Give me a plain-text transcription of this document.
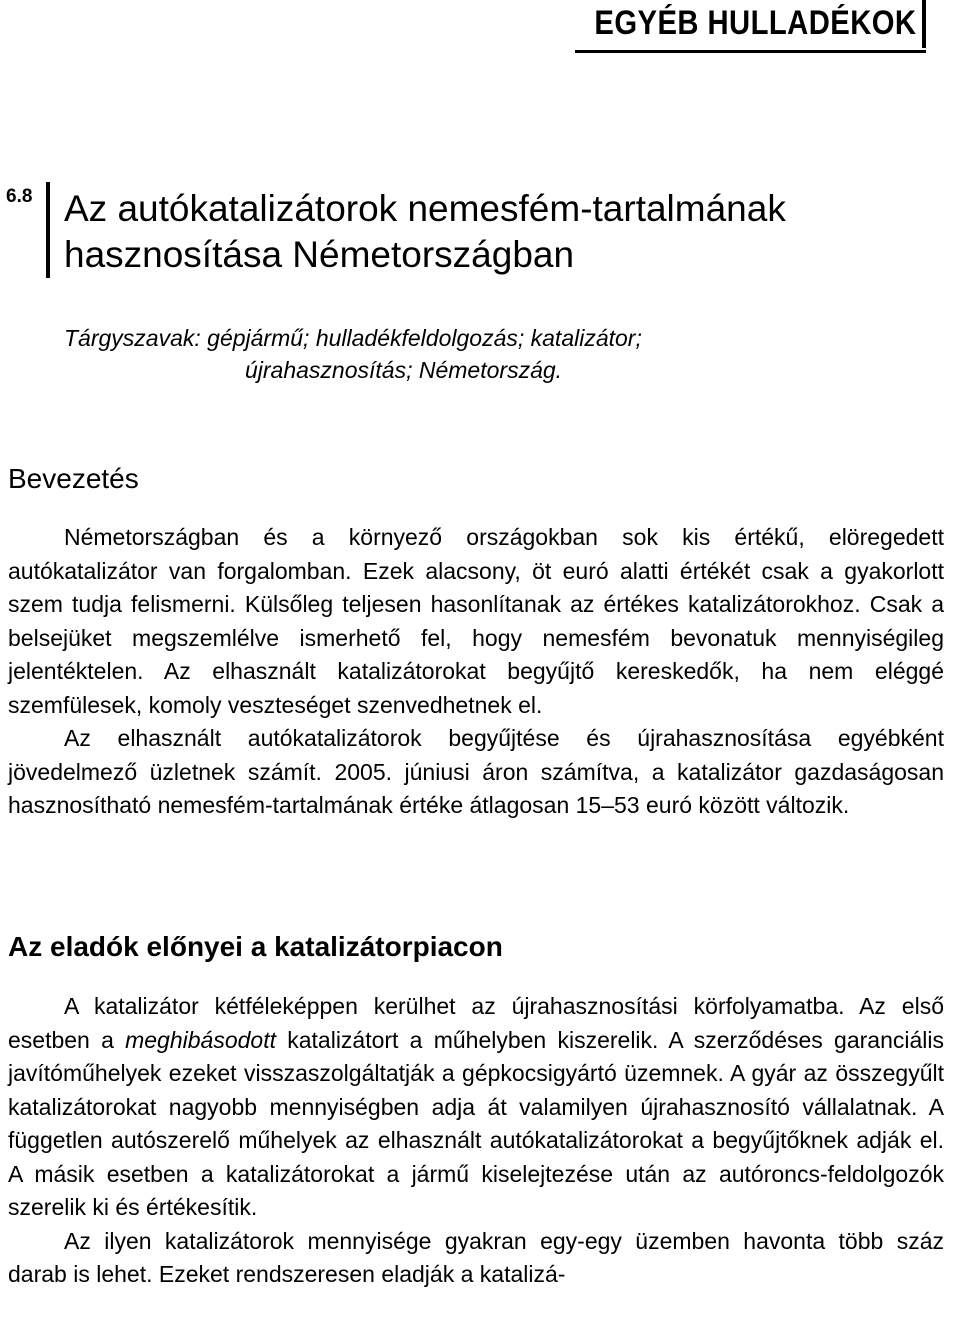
EGYÉB HULLADÉKOK
6.8 Az autókatalizátorok nemesfém-tartalmának hasznosítása Németországban
Tárgyszavak: gépjármű; hulladékfeldolgozás; katalizátor;
újrahasznosítás; Németország.
Bevezetés

Németországban és a környező országokban sok kis értékű, elöregedett autókatalizátor van forgalomban. Ezek alacsony, öt euró alatti értékét csak a gyakorlott szem tudja felismerni. Külsőleg teljesen hasonlítanak az értékes katalizátorokhoz. Csak a belsejüket megszemlélve ismerhető fel, hogy nemesfém bevonatuk mennyiségileg jelentéktelen. Az elhasznált katalizátorokat begyűjtő kereskedők, ha nem eléggé szemfülesek, komoly veszteséget szenvedhetnek el.

Az elhasznált autókatalizátorok begyűjtése és újrahasznosítása egyébként jövedelmező üzletnek számít. 2005. júniusi áron számítva, a katalizátor gazdaságosan hasznosítható nemesfém-tartalmának értéke átlagosan 15–53 euró között változik.

Az eladók előnyei a katalizátorpiacon

A katalizátor kétféleképpen kerülhet az újrahasznosítási körfolyamatba. Az első esetben a meghibásodott katalizátort a műhelyben kiszerelik. A szerződéses garanciális javítóműhelyek ezeket visszaszolgáltatják a gépkocsigyártó üzemnek. A gyár az összegyűlt katalizátorokat nagyobb mennyiségben adja át valamilyen újrahasznosító vállalatnak. A független autószerelő műhelyek az elhasznált autókatalizátorokat a begyűjtőknek adják el. A másik esetben a katalizátorokat a jármű kiselejtezése után az autóroncs-feldolgozók szerelik ki és értékesítik.

Az ilyen katalizátorok mennyisége gyakran egy-egy üzemben havonta több száz darab is lehet. Ezeket rendszeresen eladják a katalizá-
